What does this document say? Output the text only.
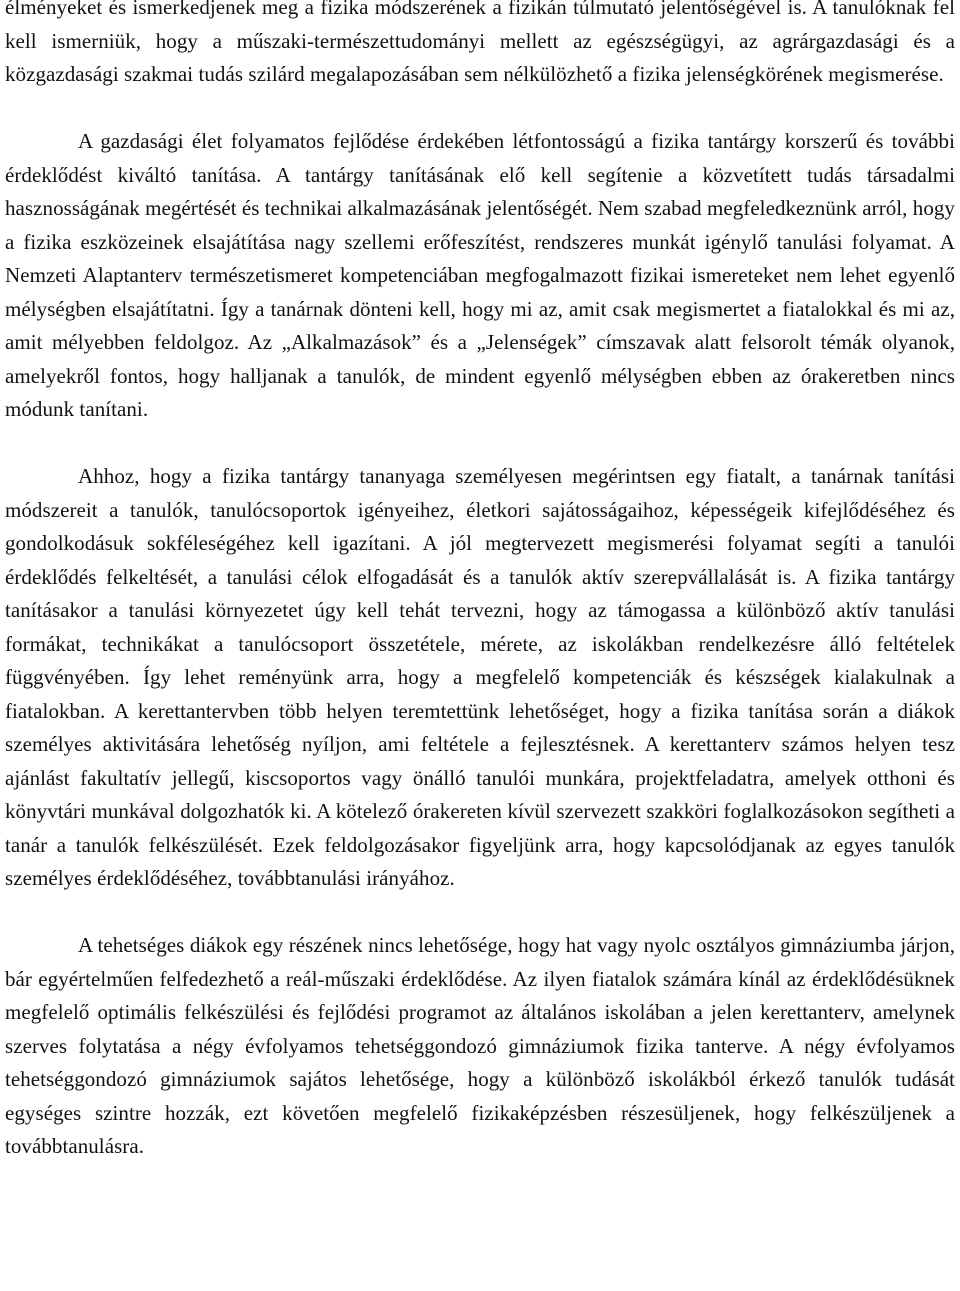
élményeket és ismerkedjenek meg a fizika módszerének a fizikán túlmutató jelentőségével is. A tanulóknak fel kell ismerniük, hogy a műszaki-természettudományi mellett az egészségügyi, az agrárgazdasági és a közgazdasági szakmai tudás szilárd megalapozásában sem nélkülözhető a fizika jelenségkörének megismerése.

A gazdasági élet folyamatos fejlődése érdekében létfontosságú a fizika tantárgy korszerű és további érdeklődést kiváltó tanítása. A tantárgy tanításának elő kell segítenie a közvetített tudás társadalmi hasznosságának megértését és technikai alkalmazásának jelentőségét. Nem szabad megfeledkeznünk arról, hogy a fizika eszközeinek elsajátítása nagy szellemi erőfeszítést, rendszeres munkát igénylő tanulási folyamat. A Nemzeti Alaptanterv természetismeret kompetenciában megfogalmazott fizikai ismereteket nem lehet egyenlő mélységben elsajátítatni. Így a tanárnak dönteni kell, hogy mi az, amit csak megismertet a fiatalokkal és mi az, amit mélyebben feldolgoz. Az „Alkalmazások” és a „Jelenségek” címszavak alatt felsorolt témák olyanok, amelyekről fontos, hogy halljanak a tanulók, de mindent egyenlő mélységben ebben az órakeretben nincs módunk tanítani.

Ahhoz, hogy a fizika tantárgy tananyaga személyesen megérintsen egy fiatalt, a tanárnak tanítási módszereit a tanulók, tanulócsoportok igényeihez, életkori sajátosságaihoz, képességeik kifejlődéséhez és gondolkodásuk sokféleségéhez kell igazítani. A jól megtervezett megismerési folyamat segíti a tanulói érdeklődés felkeltését, a tanulási célok elfogadását és a tanulók aktív szerepvállalását is. A fizika tantárgy tanításakor a tanulási környezetet úgy kell tehát tervezni, hogy az támogassa a különböző aktív tanulási formákat, technikákat a tanulócsoport összetétele, mérete, az iskolákban rendelkezésre álló feltételek függvényében. Így lehet reményünk arra, hogy a megfelelő kompetenciák és készségek kialakulnak a fiatalokban. A kerettantervben több helyen teremtettünk lehetőséget, hogy a fizika tanítása során a diákok személyes aktivitására lehetőség nyíljon, ami feltétele a fejlesztésnek. A kerettanterv számos helyen tesz ajánlást fakultatív jellegű, kiscsoportos vagy önálló tanulói munkára, projektfeladatra, amelyek otthoni és könyvtári munkával dolgozhatók ki. A kötelező órakereten kívül szervezett szakköri foglalkozásokon segítheti a tanár a tanulók felkészülését. Ezek feldolgozásakor figyeljünk arra, hogy kapcsolódjanak az egyes tanulók személyes érdeklődéséhez, továbbtanulási irányához.

A tehetséges diákok egy részének nincs lehetősége, hogy hat vagy nyolc osztályos gimnáziumba járjon, bár egyértelműen felfedezhető a reál-műszaki érdeklődése. Az ilyen fiatalok számára kínál az érdeklődésüknek megfelelő optimális felkészülési és fejlődési programot az általános iskolában a jelen kerettanterv, amelynek szerves folytatása a négy évfolyamos tehetséggondozó gimnáziumok fizika tanterve. A négy évfolyamos tehetséggondozó gimnáziumok sajátos lehetősége, hogy a különböző iskolákból érkező tanulók tudását egységes szintre hozzák, ezt követően megfelelő fizikaképzésben részesüljenek, hogy felkészüljenek a továbbtanulásra.
